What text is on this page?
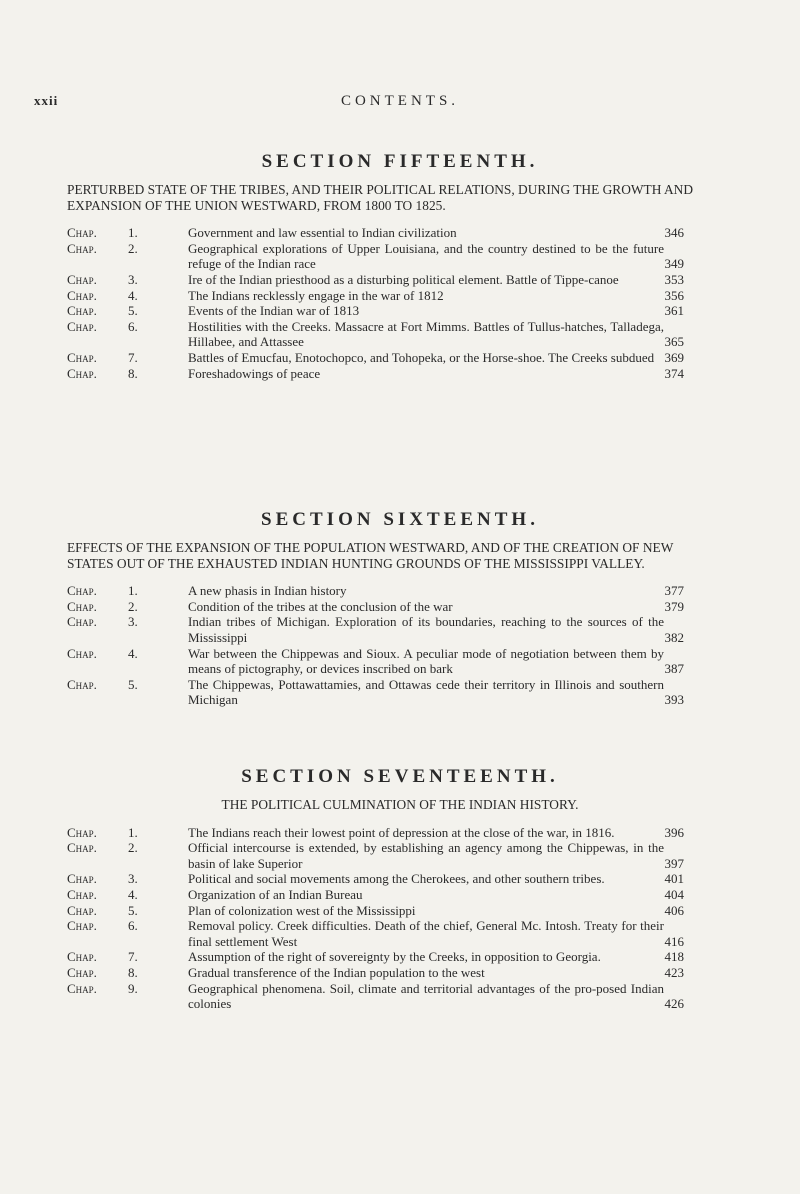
xxii	CONTENTS.
SECTION FIFTEENTH.

PERTURBED STATE OF THE TRIBES, AND THEIR POLITICAL RELATIONS, DURING THE GROWTH AND EXPANSION OF THE UNION WESTWARD, FROM 1800 TO 1825.

Chap.	1.	Government and law essential to Indian civilization	346
Chap.	2.	Geographical explorations of Upper Louisiana, and the country destined to be the future refuge of the Indian race	349
Chap.	3.	Ire of the Indian priesthood as a disturbing political element. Battle of Tippe-canoe	353
Chap.	4.	The Indians recklessly engage in the war of 1812	356
Chap.	5.	Events of the Indian war of 1813	361
Chap.	6.	Hostilities with the Creeks. Massacre at Fort Mimms. Battles of Tullus-hatches, Talladega, Hillabee, and Attassee	365
Chap.	7.	Battles of Emucfau, Enotochopco, and Tohopeka, or the Horse-shoe. The Creeks subdued 369
Chap.	8.	Foreshadowings of peace	374
SECTION SIXTEENTH.

EFFECTS OF THE EXPANSION OF THE POPULATION WESTWARD, AND OF THE CREATION OF NEW STATES OUT OF THE EXHAUSTED INDIAN HUNTING GROUNDS OF THE MISSISSIPPI VALLEY.

Chap.	1.	A new phasis in Indian history	377
Chap.	2.	Condition of the tribes at the conclusion of the war	379
Chap.	3.	Indian tribes of Michigan. Exploration of its boundaries, reaching to the sources of the Mississippi	382
Chap.	4.	War between the Chippewas and Sioux. A peculiar mode of negotiation between them by means of pictography, or devices inscribed on bark	387
Chap.	5.	The Chippewas, Pottawattamies, and Ottawas cede their territory in Illinois and southern Michigan	393
SECTION SEVENTEENTH.

THE POLITICAL CULMINATION OF THE INDIAN HISTORY.

Chap.	1.	The Indians reach their lowest point of depression at the close of the war, in 1816.	396
Chap.	2.	Official intercourse is extended, by establishing an agency among the Chippewas, in the basin of lake Superior	397
Chap.	3.	Political and social movements among the Cherokees, and other southern tribes.	401
Chap.	4.	Organization of an Indian Bureau	404
Chap.	5.	Plan of colonization west of the Mississippi	406
Chap.	6.	Removal policy. Creek difficulties. Death of the chief, General Mc. Intosh. Treaty for their final settlement West	416
Chap.	7.	Assumption of the right of sovereignty by the Creeks, in opposition to Georgia.	418
Chap.	8.	Gradual transference of the Indian population to the west	423
Chap.	9.	Geographical phenomena. Soil, climate and territorial advantages of the pro-posed Indian colonies	426
